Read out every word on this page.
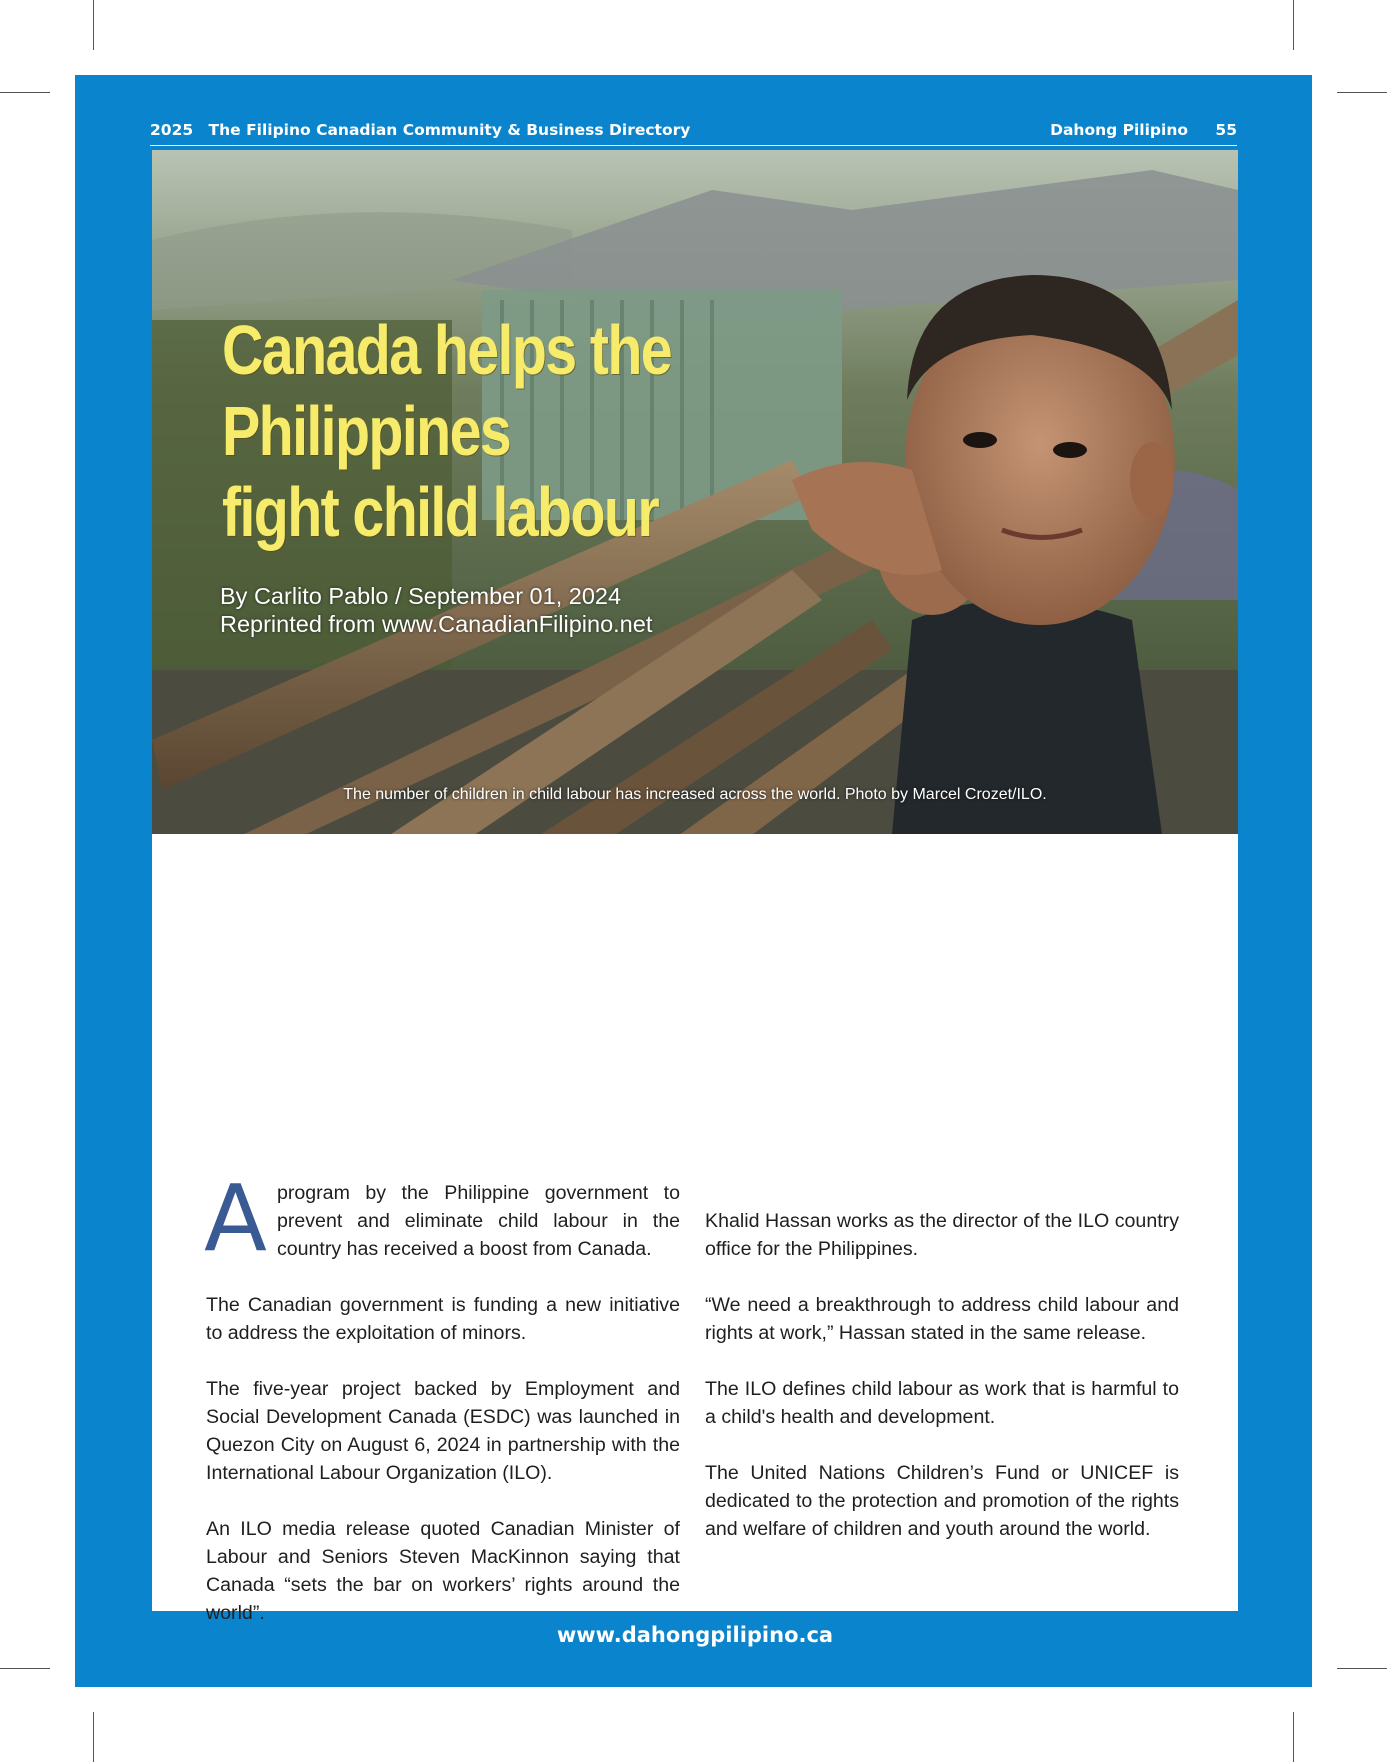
2025 The Filipino Canadian Community & Business Directory	Dahong Pilipino 55
Canada helps the
Philippines
fight child labour
By Carlito Pablo / September 01, 2024
Reprinted from www.CanadianFilipino.net
The number of children in child labour has increased across the world. Photo by Marcel Crozet/ILO.

Aprogram by the Philippine government to prevent and eliminate child labour in the country has received a boost from Canada.

The Canadian government is funding a new initiative to address the exploitation of minors.

The five-year project backed by Employment and Social Development Canada (ESDC) was launched in Quezon City on August 6, 2024 in partnership with the International Labour Organization (ILO).

An ILO media release quoted Canadian Minister of Labour and Seniors Steven MacKinnon saying that Canada “sets the bar on workers’ rights around the world”.

Khalid Hassan works as the director of the ILO country office for the Philippines.

“We need a breakthrough to address child labour and rights at work,” Hassan stated in the same release.

The ILO defines child labour as work that is harmful to a child's health and development.

The United Nations Children’s Fund or UNICEF is dedicated to the protection and promotion of the rights and welfare of children and youth around the world.

www.dahongpilipino.ca
